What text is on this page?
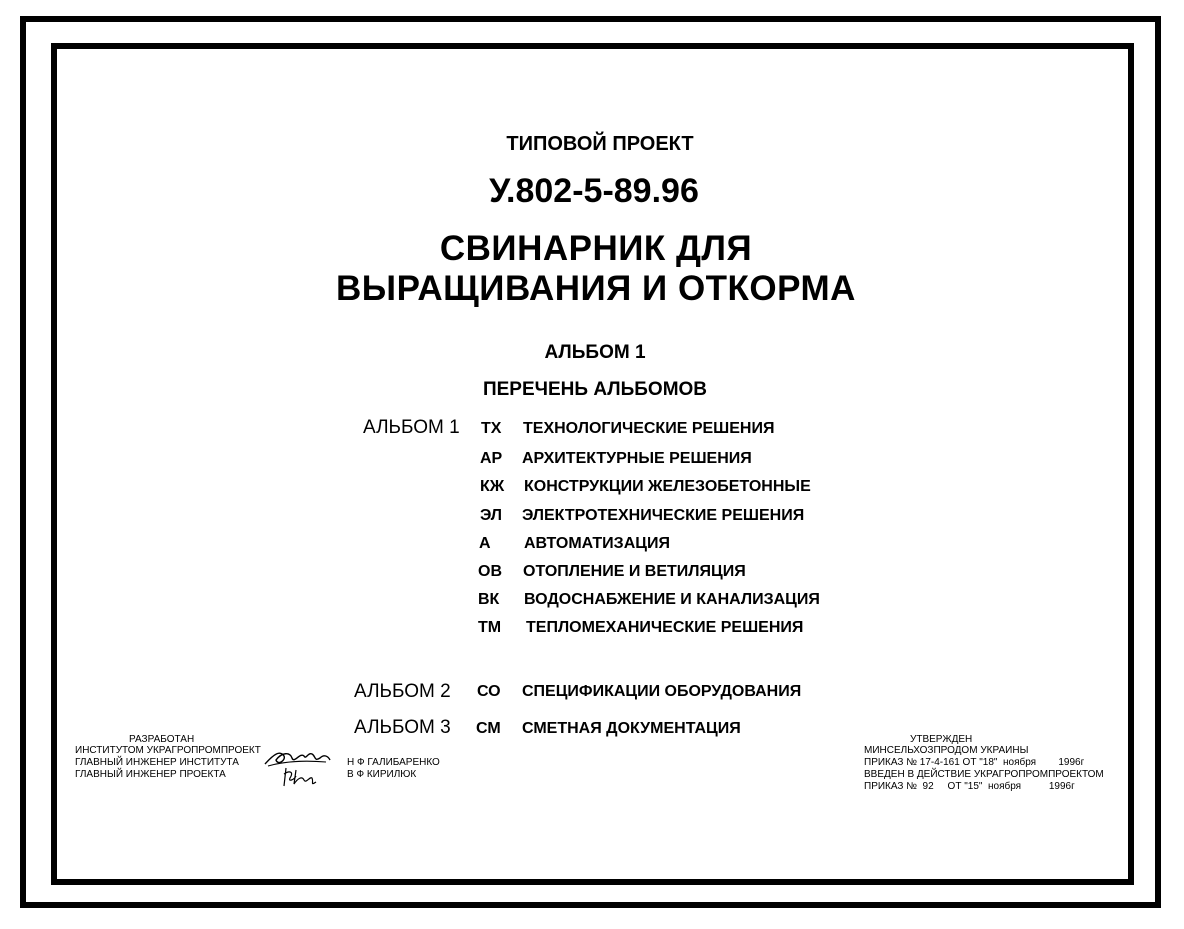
ТИПОВОЙ ПРОЕКТ
У.802-5-89.96
СВИНАРНИК ДЛЯ
ВЫРАЩИВАНИЯ И ОТКОРМА
АЛЬБОМ 1
ПЕРЕЧЕНЬ АЛЬБОМОВ
АЛЬБОМ 1 ТХ ТЕХНОЛОГИЧЕСКИЕ РЕШЕНИЯ
АР АРХИТЕКТУРНЫЕ РЕШЕНИЯ
КЖ КОНСТРУКЦИИ ЖЕЛЕЗОБЕТОННЫЕ
ЭЛ ЭЛЕКТРОТЕХНИЧЕСКИЕ РЕШЕНИЯ
А АВТОМАТИЗАЦИЯ
ОВ ОТОПЛЕНИЕ И ВЕТИЛЯЦИЯ
ВК ВОДОСНАБЖЕНИЕ И КАНАЛИЗАЦИЯ
ТМ ТЕПЛОМЕХАНИЧЕСКИЕ РЕШЕНИЯ
АЛЬБОМ 2 СО СПЕЦИФИКАЦИИ ОБОРУДОВАНИЯ
АЛЬБОМ 3 СМ СМЕТНАЯ ДОКУМЕНТАЦИЯ
РАЗРАБОТАН
ИНСТИТУТОМ УКРАГРОПРОМПРОЕКТ
ГЛАВНЫЙ ИНЖЕНЕР ИНСТИТУТА
ГЛАВНЫЙ ИНЖЕНЕР ПРОЕКТА
Н Ф ГАЛИБАРЕНКО
В Ф КИРИЛЮК
УТВЕРЖДЕН
МИНСЕЛЬХОЗПРОДОМ УКРАИНЫ
ПРИКАЗ № 17-4-161 ОТ "18"  ноября        1996г
ВВЕДЕН В ДЕЙСТВИЕ УКРАГРОПРОМПРОЕКТОМ
ПРИКАЗ №  92     ОТ "15"  ноября          1996г
